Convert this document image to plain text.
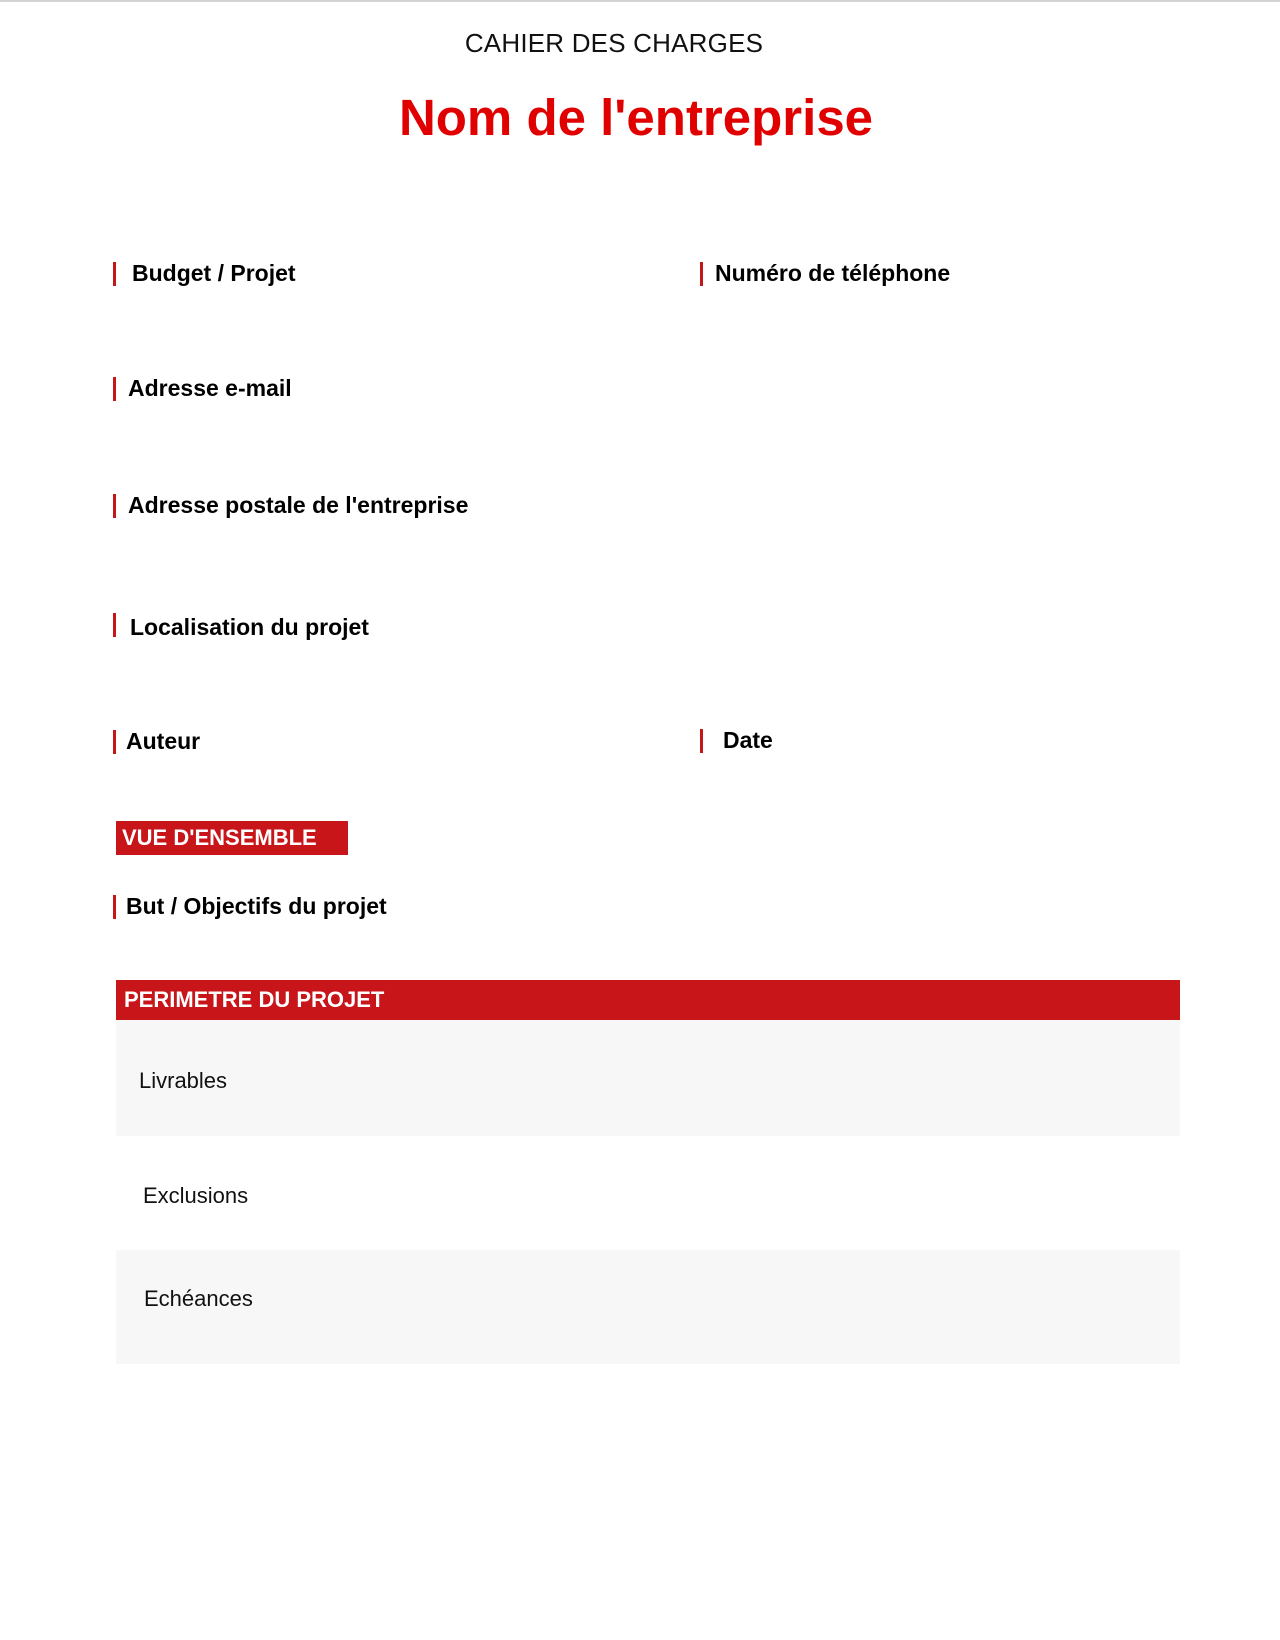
CAHIER DES CHARGES
Nom de l'entreprise
Budget / Projet	Numéro de téléphone
Adresse e-mail
Adresse postale de l'entreprise
Localisation du projet
Auteur	Date
VUE D'ENSEMBLE
But / Objectifs du projet
PERIMETRE DU PROJET
Livrables
Exclusions
Echéances
